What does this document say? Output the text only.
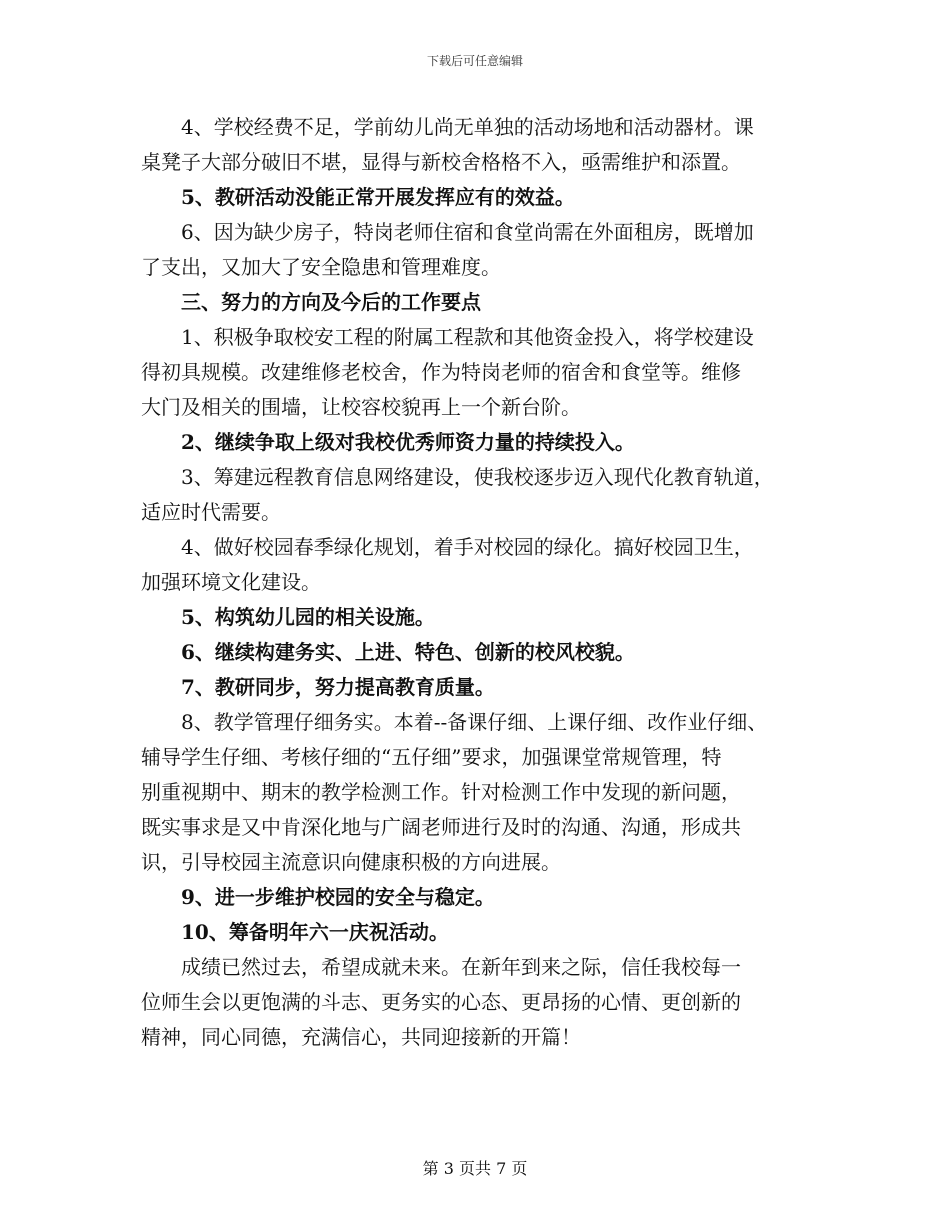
下载后可任意编辑
4、学校经费不足，学前幼儿尚无单独的活动场地和活动器材。课
桌凳子大部分破旧不堪，显得与新校舍格格不入，亟需维护和添置。
5、教研活动没能正常开展发挥应有的效益。
6、因为缺少房子，特岗老师住宿和食堂尚需在外面租房，既增加
了支出，又加大了安全隐患和管理难度。
三、努力的方向及今后的工作要点
1、积极争取校安工程的附属工程款和其他资金投入，将学校建设
得初具规模。改建维修老校舍，作为特岗老师的宿舍和食堂等。维修
大门及相关的围墙，让校容校貌再上一个新台阶。
2、继续争取上级对我校优秀师资力量的持续投入。
3、筹建远程教育信息网络建设，使我校逐步迈入现代化教育轨道，
适应时代需要。
4、做好校园春季绿化规划，着手对校园的绿化。搞好校园卫生，
加强环境文化建设。
5、构筑幼儿园的相关设施。
6、继续构建务实、上进、特色、创新的校风校貌。
7、教研同步，努力提高教育质量。
8、教学管理仔细务实。本着--备课仔细、上课仔细、改作业仔细、
辅导学生仔细、考核仔细的“五仔细”要求，加强课堂常规管理，特
别重视期中、期末的教学检测工作。针对检测工作中发现的新问题，
既实事求是又中肯深化地与广阔老师进行及时的沟通、沟通，形成共
识，引导校园主流意识向健康积极的方向进展。
9、进一步维护校园的安全与稳定。
10、筹备明年六一庆祝活动。
成绩已然过去，希望成就未来。在新年到来之际，信任我校每一
位师生会以更饱满的斗志、更务实的心态、更昂扬的心情、更创新的
精神，同心同德，充满信心，共同迎接新的开篇！
第 3 页共 7 页
